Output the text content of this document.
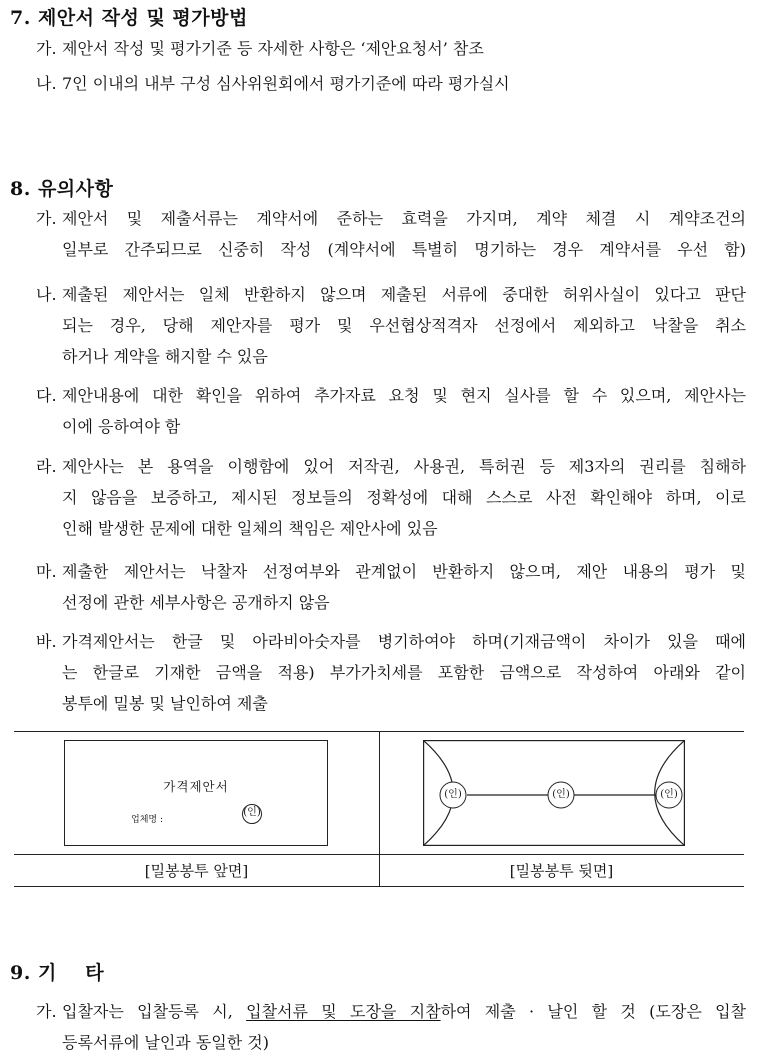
7. 제안서 작성 및 평가방법
가. 제안서 작성 및 평가기준 등 자세한 사항은 ‘제안요청서’ 참조
나. 7인 이내의 내부 구성 심사위원회에서 평가기준에 따라 평가실시
8. 유의사항
가. 제안서 및 제출서류는 계약서에 준하는 효력을 가지며, 계약 체결 시 계약조건의
일부로 간주되므로 신중히 작성 (계약서에 특별히 명기하는 경우 계약서를 우선 함)
나. 제출된 제안서는 일체 반환하지 않으며 제출된 서류에 중대한 허위사실이 있다고 판단
되는 경우, 당해 제안자를 평가 및 우선협상적격자 선정에서 제외하고 낙찰을 취소
하거나 계약을 해지할 수 있음
다. 제안내용에 대한 확인을 위하여 추가자료 요청 및 현지 실사를 할 수 있으며, 제안사는
이에 응하여야 함
라. 제안사는 본 용역을 이행함에 있어 저작권, 사용권, 특허권 등 제3자의 권리를 침해하
지 않음을 보증하고, 제시된 정보들의 정확성에 대해 스스로 사전 확인해야 하며, 이로
인해 발생한 문제에 대한 일체의 책임은 제안사에 있음
마. 제출한 제안서는 낙찰자 선정여부와 관계없이 반환하지 않으며, 제안 내용의 평가 및
선정에 관한 세부사항은 공개하지 않음
바. 가격제안서는 한글 및 아라비아숫자를 병기하여야 하며(기재금액이 차이가 있을 때에
는 한글로 기재한 금액을 적용) 부가가치세를 포함한 금액으로 작성하여 아래와 같이
봉투에 밀봉 및 날인하여 제출
가격제안서
업체명 :
(인)
(인)	(인)	(인)
[밀봉봉투 앞면]	[밀봉봉투 뒷면]
9. 기    타
가. 입찰자는 입찰등록 시, 입찰서류 및 도장을 지참하여 제출 · 날인 할 것 (도장은 입찰
등록서류에 날인과 동일한 것)
